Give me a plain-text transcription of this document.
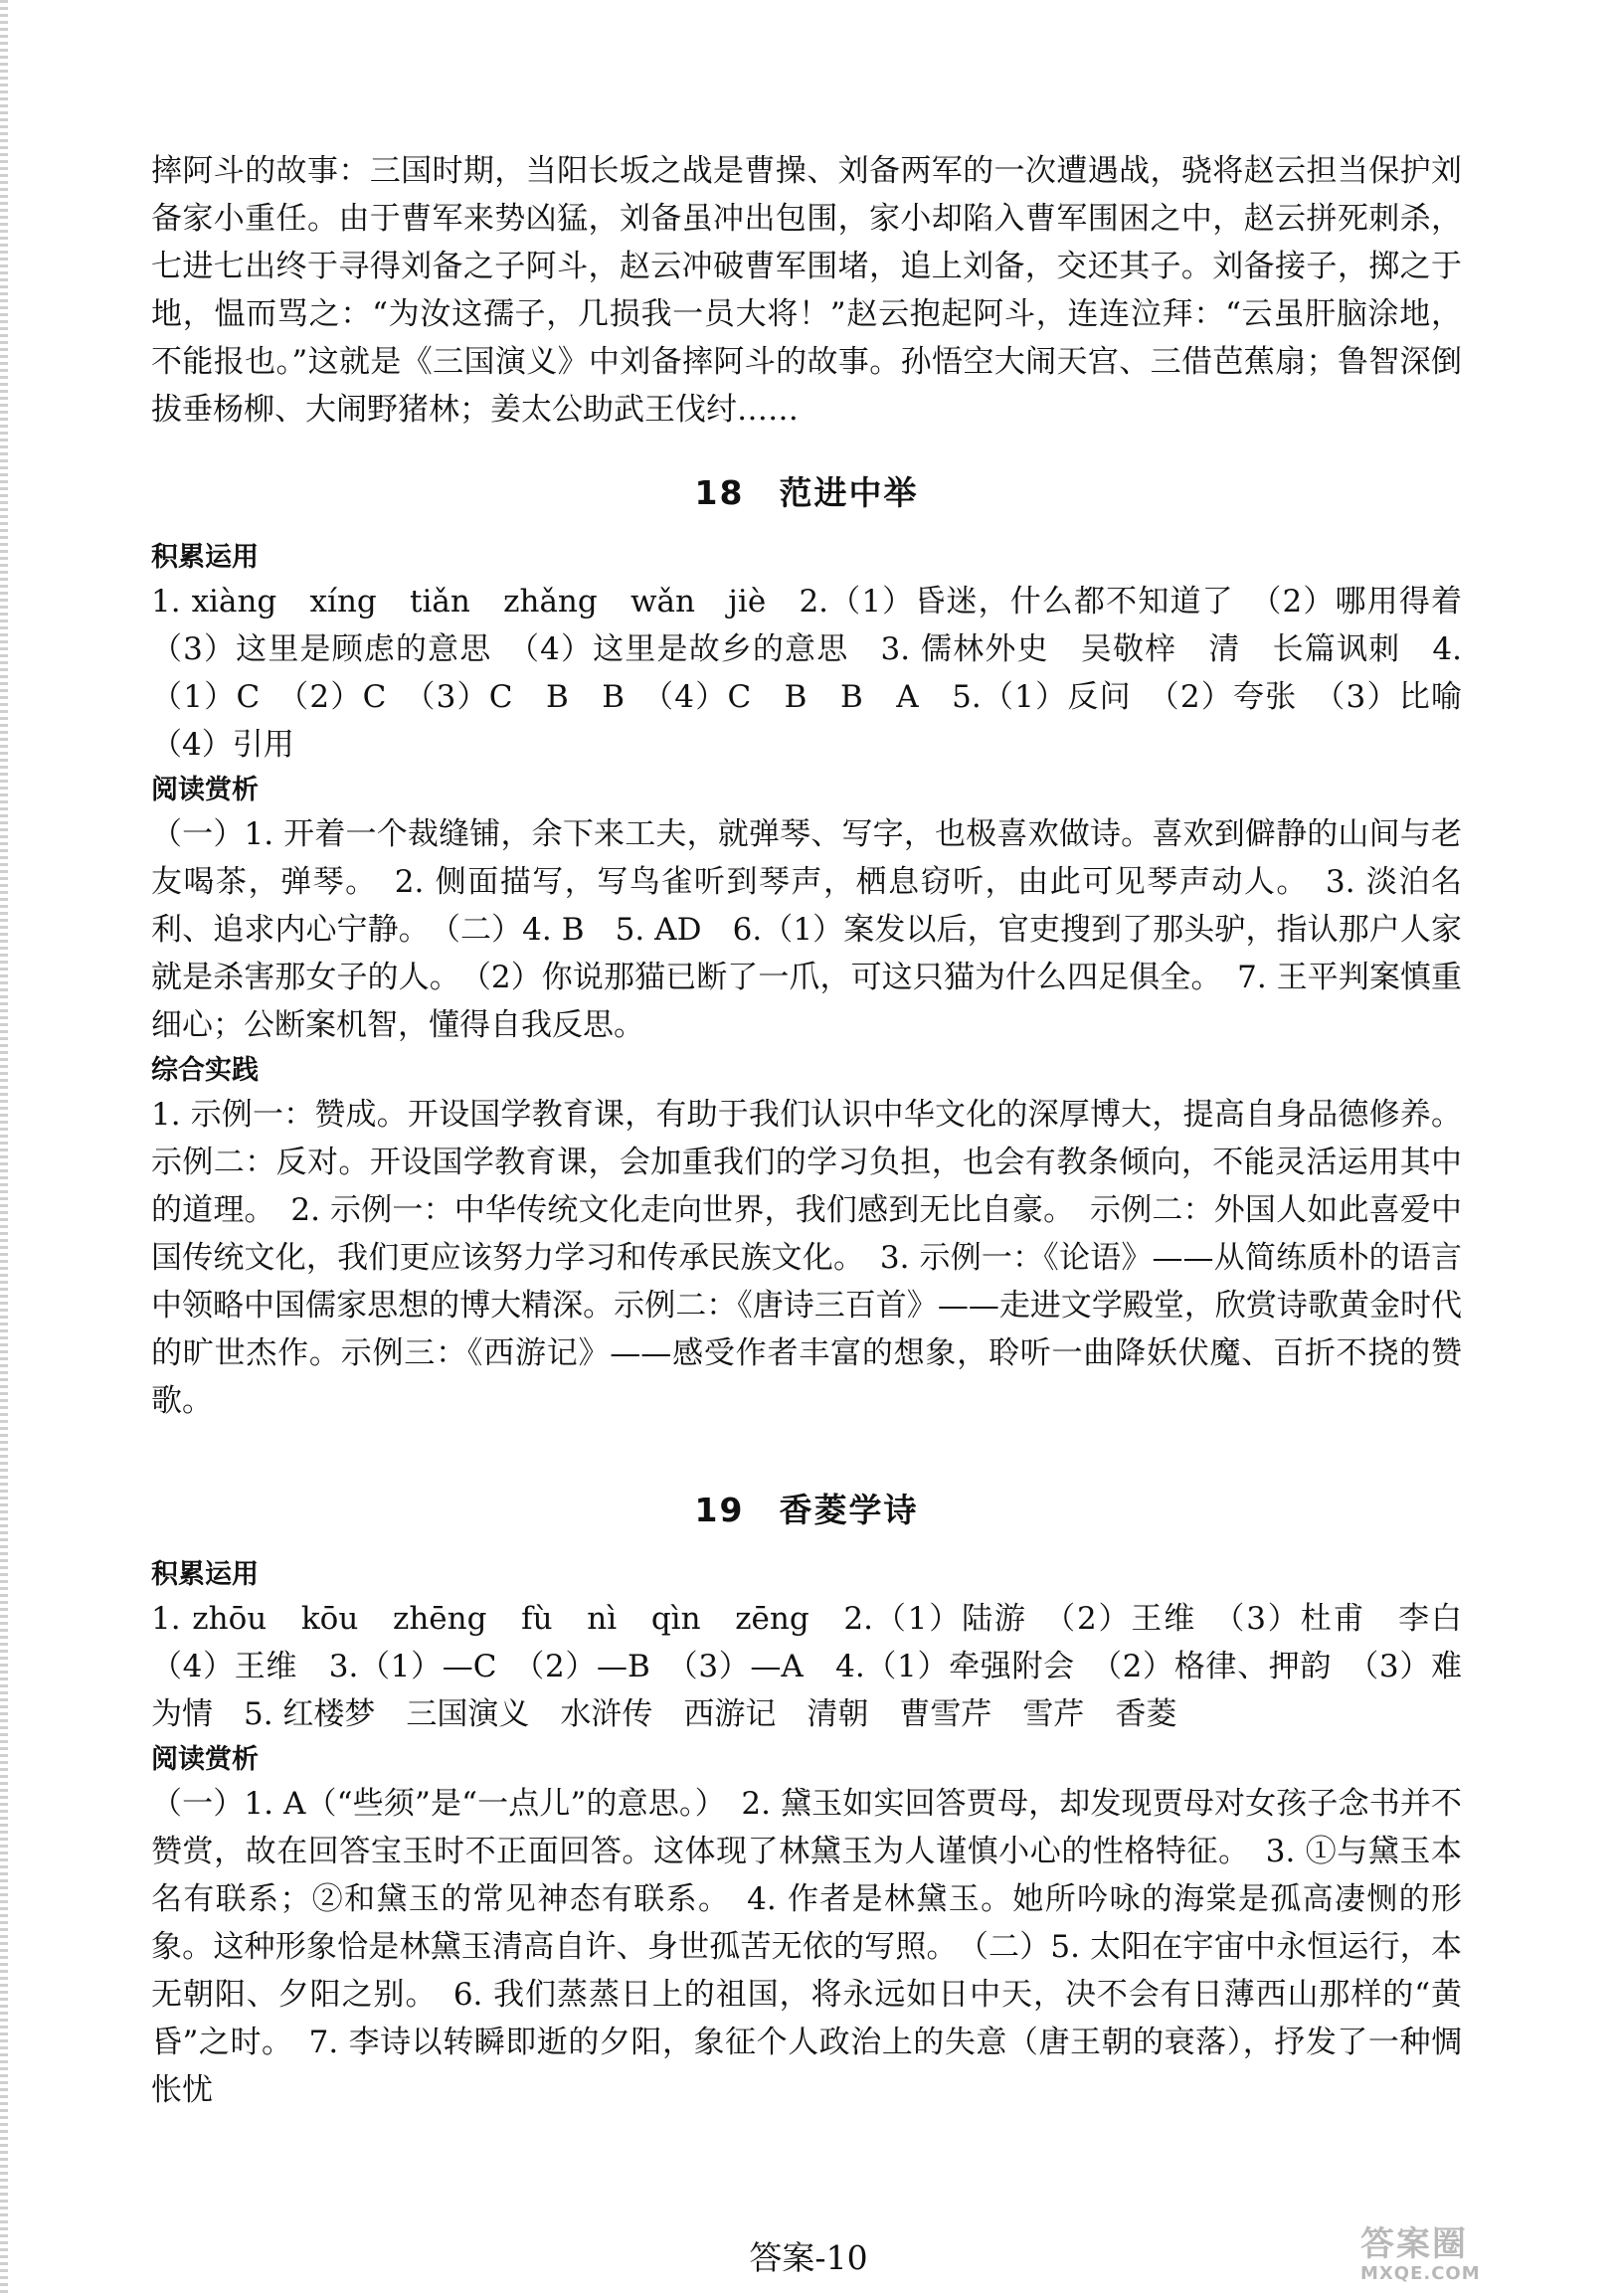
摔阿斗的故事：三国时期，当阳长坂之战是曹操、刘备两军的一次遭遇战，骁将赵云担当保护刘备家小重任。由于曹军来势凶猛，刘备虽冲出包围，家小却陷入曹军围困之中，赵云拼死刺杀，七进七出终于寻得刘备之子阿斗，赵云冲破曹军围堵，追上刘备，交还其子。刘备接子，掷之于地，愠而骂之：“为汝这孺子，几损我一员大将！”赵云抱起阿斗，连连泣拜：“云虽肝脑涂地，不能报也。”这就是《三国演义》中刘备摔阿斗的故事。孙悟空大闹天宫、三借芭蕉扇；鲁智深倒拔垂杨柳、大闹野猪林；姜太公助武王伐纣……

18　范进中举
积累运用

1. xiàng　xíng　tiǎn　zhǎng　wǎn　jiè　2.（1）昏迷，什么都不知道了　（2）哪用得着　（3）这里是顾虑的意思　（4）这里是故乡的意思　3. 儒林外史　吴敬梓　清　长篇讽刺　4.（1）C　（2）C　（3）C　B　B　（4）C　B　B　A　5.（1）反问　（2）夸张　（3）比喻　（4）引用

阅读赏析

（一）1. 开着一个裁缝铺，余下来工夫，就弹琴、写字，也极喜欢做诗。喜欢到僻静的山间与老友喝茶，弹琴。　2. 侧面描写，写鸟雀听到琴声，栖息窃听，由此可见琴声动人。　3. 淡泊名利、追求内心宁静。　（二）4. B　5. AD　6.（1）案发以后，官吏搜到了那头驴，指认那户人家就是杀害那女子的人。　（2）你说那猫已断了一爪，可这只猫为什么四足俱全。　7. 王平判案慎重细心；公断案机智，懂得自我反思。

综合实践

1. 示例一：赞成。开设国学教育课，有助于我们认识中华文化的深厚博大，提高自身品德修养。示例二：反对。开设国学教育课，会加重我们的学习负担，也会有教条倾向，不能灵活运用其中的道理。　2. 示例一：中华传统文化走向世界，我们感到无比自豪。　示例二：外国人如此喜爱中国传统文化，我们更应该努力学习和传承民族文化。　3. 示例一：《论语》——从简练质朴的语言中领略中国儒家思想的博大精深。示例二：《唐诗三百首》——走进文学殿堂，欣赏诗歌黄金时代的旷世杰作。示例三：《西游记》——感受作者丰富的想象，聆听一曲降妖伏魔、百折不挠的赞歌。

19　香菱学诗
积累运用

1. zhōu　kōu　zhēng　fù　nì　qìn　zēng　2.（1）陆游　（2）王维　（3）杜甫　李白　（4）王维　3.（1）—C　（2）—B　（3）—A　4.（1）牵强附会　（2）格律、押韵　（3）难为情　5. 红楼梦　三国演义　水浒传　西游记　清朝　曹雪芹　雪芹　香菱

阅读赏析

（一）1. A（“些须”是“一点儿”的意思。）　2. 黛玉如实回答贾母，却发现贾母对女孩子念书并不赞赏，故在回答宝玉时不正面回答。这体现了林黛玉为人谨慎小心的性格特征。　3. ①与黛玉本名有联系；②和黛玉的常见神态有联系。　4. 作者是林黛玉。她所吟咏的海棠是孤高凄恻的形象。这种形象恰是林黛玉清高自许、身世孤苦无依的写照。　（二）5. 太阳在宇宙中永恒运行，本无朝阳、夕阳之别。　6. 我们蒸蒸日上的祖国，将永远如日中天，决不会有日薄西山那样的“黄昏”之时。　7. 李诗以转瞬即逝的夕阳，象征个人政治上的失意（唐王朝的衰落），抒发了一种惆怅忧

答案-10	答案圈
MXQE.COM
